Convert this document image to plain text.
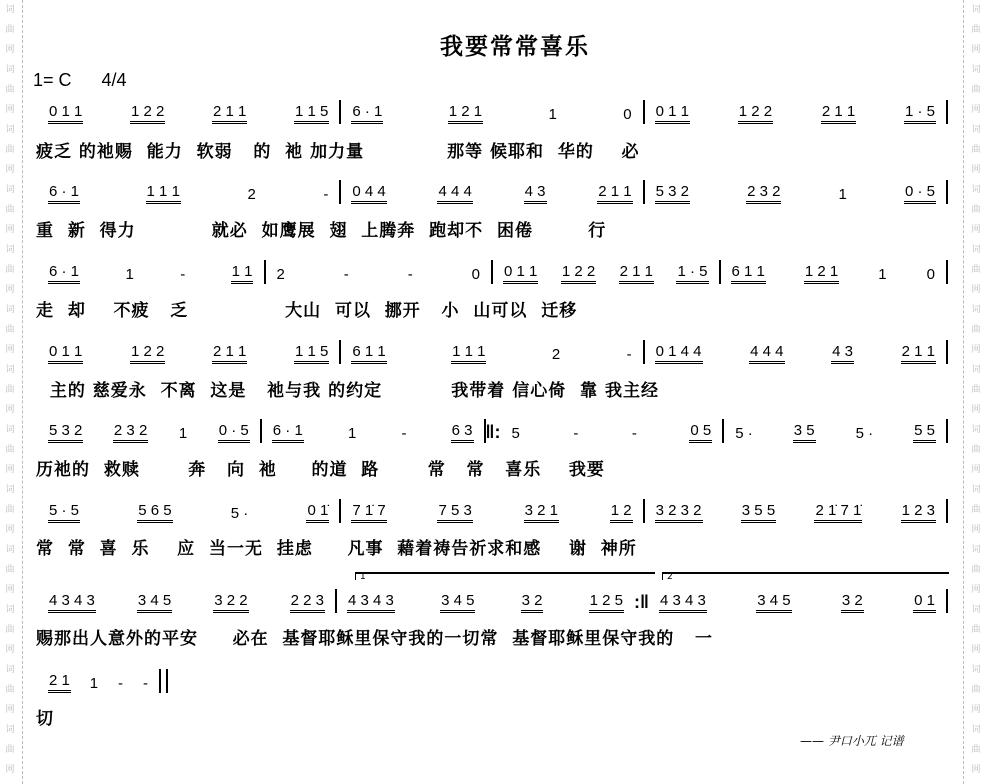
词
曲
网
词
曲
网
词
曲
网
词
曲
网
词
曲
网
词
曲
网
词
曲
网
词
曲
网
词
曲
网
词
曲
网
词
曲
网
词
曲
网
词
曲
网
词
曲
网
词
曲
网
词
曲
网
词
曲
网
词
曲
网
词
曲
网
词
曲
网
词
曲
网
词
曲
网
词
曲
网
词
曲
网
词
曲
网
词
曲
网
我要常常喜乐
1= C      4/4
0 1 1	1 2 2	2 1 1	1 1 5 6 · 1	1 2 1	1	0 0 1 1	1 2 2	2 1 1	1 · 5
疲乏 的祂赐  能力  软弱   的  祂 加力量            那等 候耶和  华的    必
6 · 1	1 1 1	2	- 0 4 4	4 4 4	4 3	2 1 1 5 3 2	2 3 2	1	0 · 5
重  新  得力           就必  如鹰展  翅  上腾奔  跑却不  困倦        行
6 · 1	1	-	1 1 2	-	-	0 0 1 1 1 2 2 2 1 1 1 · 5 6 1 1	1 2 1	1	0
走  却    不疲   乏              大山  可以  挪开   小  山可以  迁移
0 1 1	1 2 2	2 1 1	1 1 5 6 1 1	1 1 1	2	- 0 1 4 4	4 4 4	4 3	2 1 1
主的 慈爱永  不离  这是   祂与我 的约定          我带着 信心倚  靠 我主经
5 3 2 2 3 2 1 0 · 5 6 · 1	1	-	6 3 ‖: 5	-	-	0 5 5 ·	3 5	5 ·	5 5
历祂的  救赎       奔   向  祂     的道  路       常   常   喜乐    我要
5 · 5	5 6 5	5 ·	0 1̇ 7 1̇ 7	7 5 3	3 2 1	1 2 3 2 3 2	3 5 5	2 1̇ 7 1̇	1 2 3
常  常  喜  乐    应  当一无  挂虑     凡事  藉着祷告祈求和感    谢  神所
4 3 4 3	3 4 5	3 2 2	2 2 3 4 3 4 3	3 4 5	3 2	1 2 5 :‖ 4 3 4 3	3 4 5	3 2	0 1
赐那出人意外的平安     必在  基督耶稣里保守我的一切常  基督耶稣里保守我的   一
2 1 1 - -
切
1	2
—— 尹口小兀 记谱
